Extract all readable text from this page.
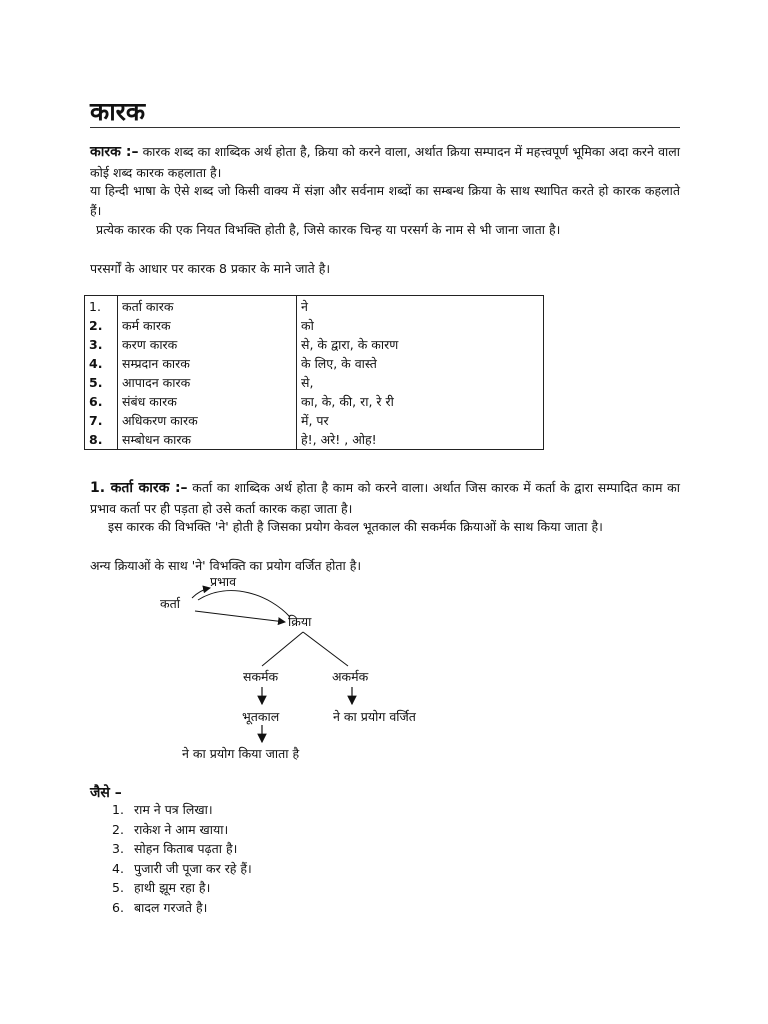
कारक
कारक :– कारक शब्द का शाब्दिक अर्थ होता है, क्रिया को करने वाला, अर्थात क्रिया सम्पादन में महत्त्वपूर्ण भूमिका अदा करने वाला कोई शब्द कारक कहलाता है।
या हिन्दी भाषा के ऐसे शब्द जो किसी वाक्य में संज्ञा और सर्वनाम शब्दों का सम्बन्ध क्रिया के साथ स्थापित करते हो कारक कहलाते हैं।
प्रत्येक कारक की एक नियत विभक्ति होती है, जिसे कारक चिन्ह या परसर्ग के नाम से भी जाना जाता है।
परसर्गों के आधार पर कारक 8 प्रकार के माने जाते है।
1.	कर्ता कारक	ने
2.	कर्म कारक	को
3.	करण कारक	से, के द्वारा, के कारण
4.	सम्प्रदान कारक	के लिए, के वास्ते
5.	आपादन कारक	से,
6.	संबंध कारक	का, के, की, रा, रे री
7.	अधिकरण कारक	में, पर
8.	सम्बोधन कारक	हे!, अरे! , ओह!
1. कर्ता कारक :– कर्ता का शाब्दिक अर्थ होता है काम को करने वाला। अर्थात जिस कारक में कर्ता के द्वारा सम्पादित काम का प्रभाव कर्ता पर ही पड़ता हो उसे कर्ता कारक कहा जाता है।
इस कारक की विभक्ति 'ने' होती है जिसका प्रयोग केवल भूतकाल की सकर्मक क्रियाओं के साथ किया जाता है।
अन्य क्रियाओं के साथ 'ने' विभक्ति का प्रयोग वर्जित होता है।
प्रभाव
कर्ता
क्रिया
सकर्मक	अकर्मक
भूतकाल	ने का प्रयोग वर्जित
ने का प्रयोग किया जाता है
जैसे –
1. राम ने पत्र लिखा।
2. राकेश ने आम खाया।
3. सोहन किताब पढ़ता है।
4. पुजारी जी पूजा कर रहे हैं।
5. हाथी झूम रहा है।
6. बादल गरजते है।
